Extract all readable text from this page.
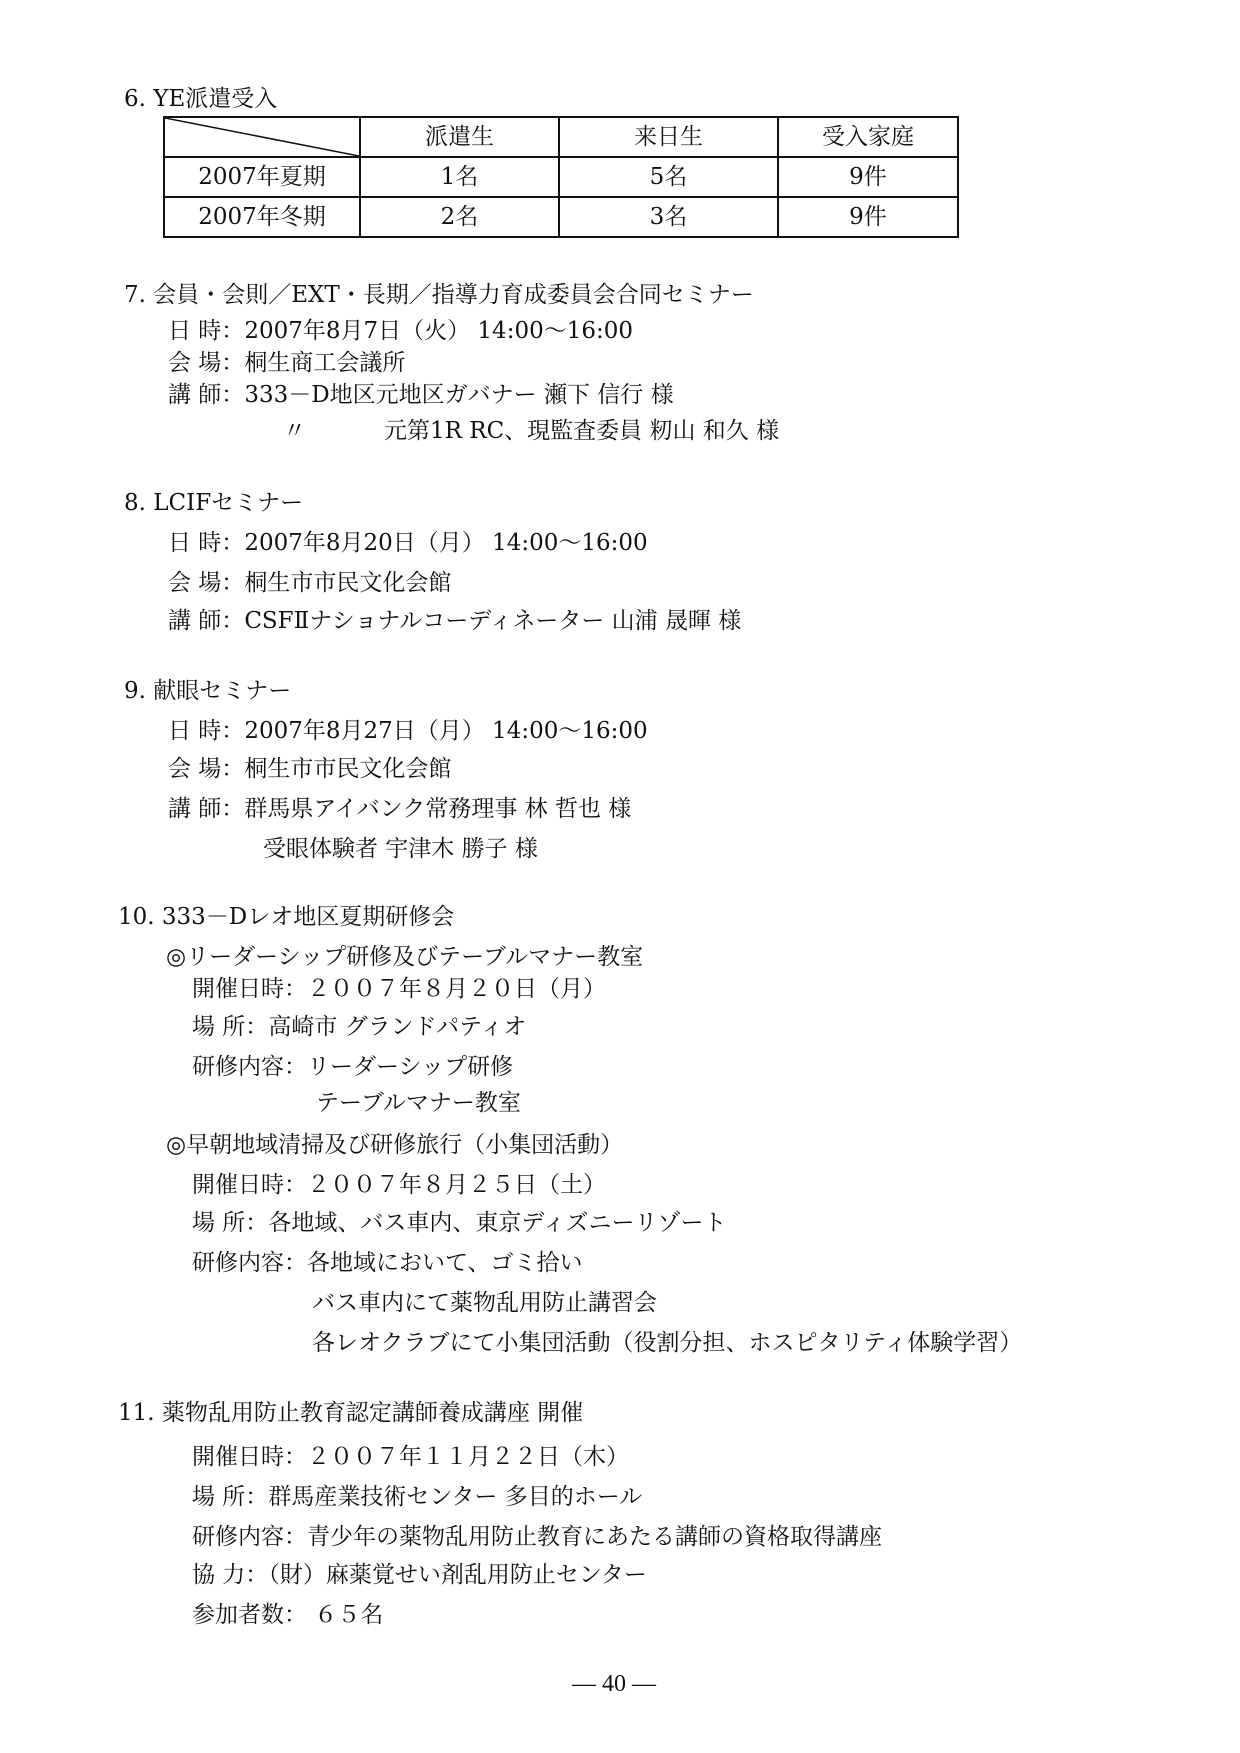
6. YE派遣受入
	派遣生	来日生	受入家庭
2007年夏期	1名	5名	9件
2007年冬期	2名	3名	9件
7. 会員・会則／EXT・長期／指導力育成委員会合同セミナー
日 時：2007年8月7日（火） 14:00〜16:00
会 場：桐生商工会議所
講 師：333－D地区元地区ガバナー 瀬下 信行 様
〃	元第1R RC、現監査委員 籾山 和久 様
8. LCIFセミナー
日 時：2007年8月20日（月） 14:00〜16:00
会 場：桐生市市民文化会館
講 師：CSFⅡナショナルコーディネーター 山浦 晟暉 様
9. 献眼セミナー
日 時：2007年8月27日（月） 14:00〜16:00
会 場：桐生市市民文化会館
講 師：群馬県アイバンク常務理事 林 哲也 様
受眼体験者 宇津木 勝子 様
10. 333－Dレオ地区夏期研修会
◎リーダーシップ研修及びテーブルマナー教室
開催日時：２００７年８月２０日（月）
場 所：高崎市 グランドパティオ
研修内容：リーダーシップ研修
テーブルマナー教室
◎早朝地域清掃及び研修旅行（小集団活動）
開催日時：２００７年８月２５日（土）
場 所：各地域、バス車内、東京ディズニーリゾート
研修内容：各地域において、ゴミ拾い
バス車内にて薬物乱用防止講習会
各レオクラブにて小集団活動（役割分担、ホスピタリティ体験学習）
11. 薬物乱用防止教育認定講師養成講座 開催
開催日時：２００７年１１月２２日（木）
場 所：群馬産業技術センター 多目的ホール
研修内容：青少年の薬物乱用防止教育にあたる講師の資格取得講座
協 力：（財）麻薬覚せい剤乱用防止センター
参加者数： ６５名
― 40 ―
